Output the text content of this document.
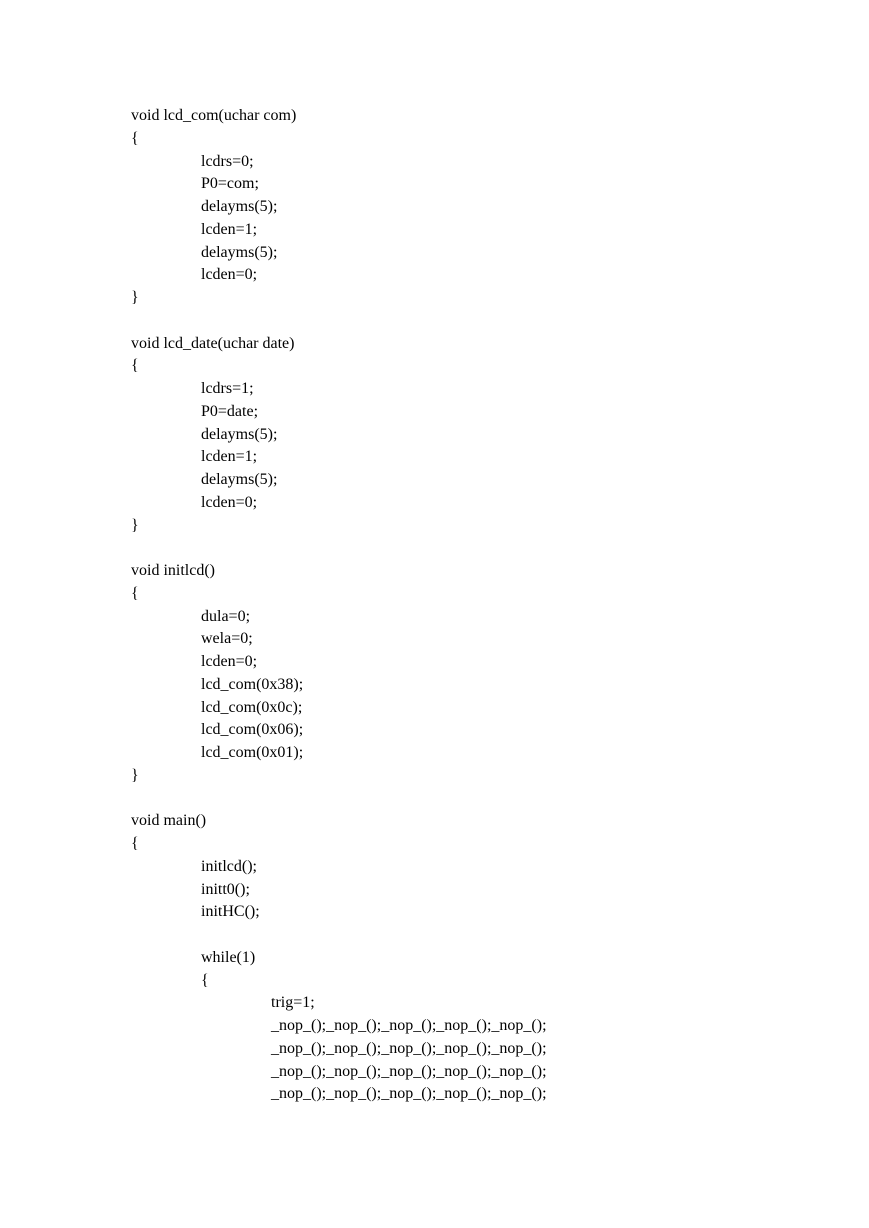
void lcd_com(uchar com)
{
lcdrs=0;
P0=com;
delayms(5);
lcden=1;
delayms(5);
lcden=0;
}
void lcd_date(uchar date)
{
lcdrs=1;
P0=date;
delayms(5);
lcden=1;
delayms(5);
lcden=0;
}
void initlcd()
{
dula=0;
wela=0;
lcden=0;
lcd_com(0x38);
lcd_com(0x0c);
lcd_com(0x06);
lcd_com(0x01);
}
void main()
{
initlcd();
initt0();
initHC();
while(1)
{
trig=1;
_nop_();_nop_();_nop_();_nop_();_nop_();
_nop_();_nop_();_nop_();_nop_();_nop_();
_nop_();_nop_();_nop_();_nop_();_nop_();
_nop_();_nop_();_nop_();_nop_();_nop_();
